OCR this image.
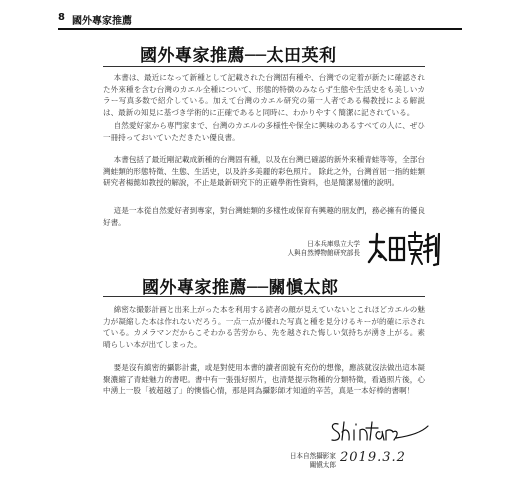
8 國外專家推薦
國外專家推薦──太田英利
本書は、最近になって新種として記載された台灣固有種や、台灣での定着が新たに確認された外來種を含む台灣のカエル全種について、形態的特徴のみならず生態や生活史をも美しいカラー写真多数で紹介している。加えて台灣のカエル研究の第一人者である楊教授による解説は、最新の知見に基づき学術的に正確であると同時に、わかりやすく簡潔に記されている。
自然愛好家から専門家まで、台灣のカエルの多様性や保全に興味のあるすべての人に、ぜひ一冊持っておいていただきたい優良書。
本書包括了最近剛記載成新種的台灣固有種，以及在台灣已確認的新外來種青蛙等等，全部台灣蛙類的形態特徵、生態、生活史，以及許多美麗的彩色照片。 除此之外，台灣首屈一指的蛙類研究者楊懿如教授的解說，不止是最新研究下的正確學術性資料，也是簡潔易懂的說明。
這是一本從自然愛好者到專家，對台灣蛙類的多樣性或保育有興趣的朋友們，務必擁有的優良好書。
日本兵庫県立大学
人與自然博物館研究部長
國外專家推薦──關愼太郎
綿密な撮影計画と出来上がった本を利用する読者の顔が見えていないとこれほどカエルの魅力が凝縮した本は作れないだろう。一点一点が優れた写真と種を見分けるキーが的確に示されている。カメラマンだからこそわかる苦労から、先を越された悔しい気持ちが湧き上がる。素晴らしい本が出てしまった。
要是沒有縝密的攝影計畫，或是對使用本書的讀者面貌有充份的想像，應該就沒法做出這本凝聚濃縮了青蛙魅力的書吧。書中有一張張好照片，也清楚提示物種的分類特徵，看過照片後，心中湧上一股「被超越了」的懊惱心情，那是同為攝影師才知道的辛苦，真是一本好棒的書啊！
日本自然攝影家
關愼太郎 2019.3.2
